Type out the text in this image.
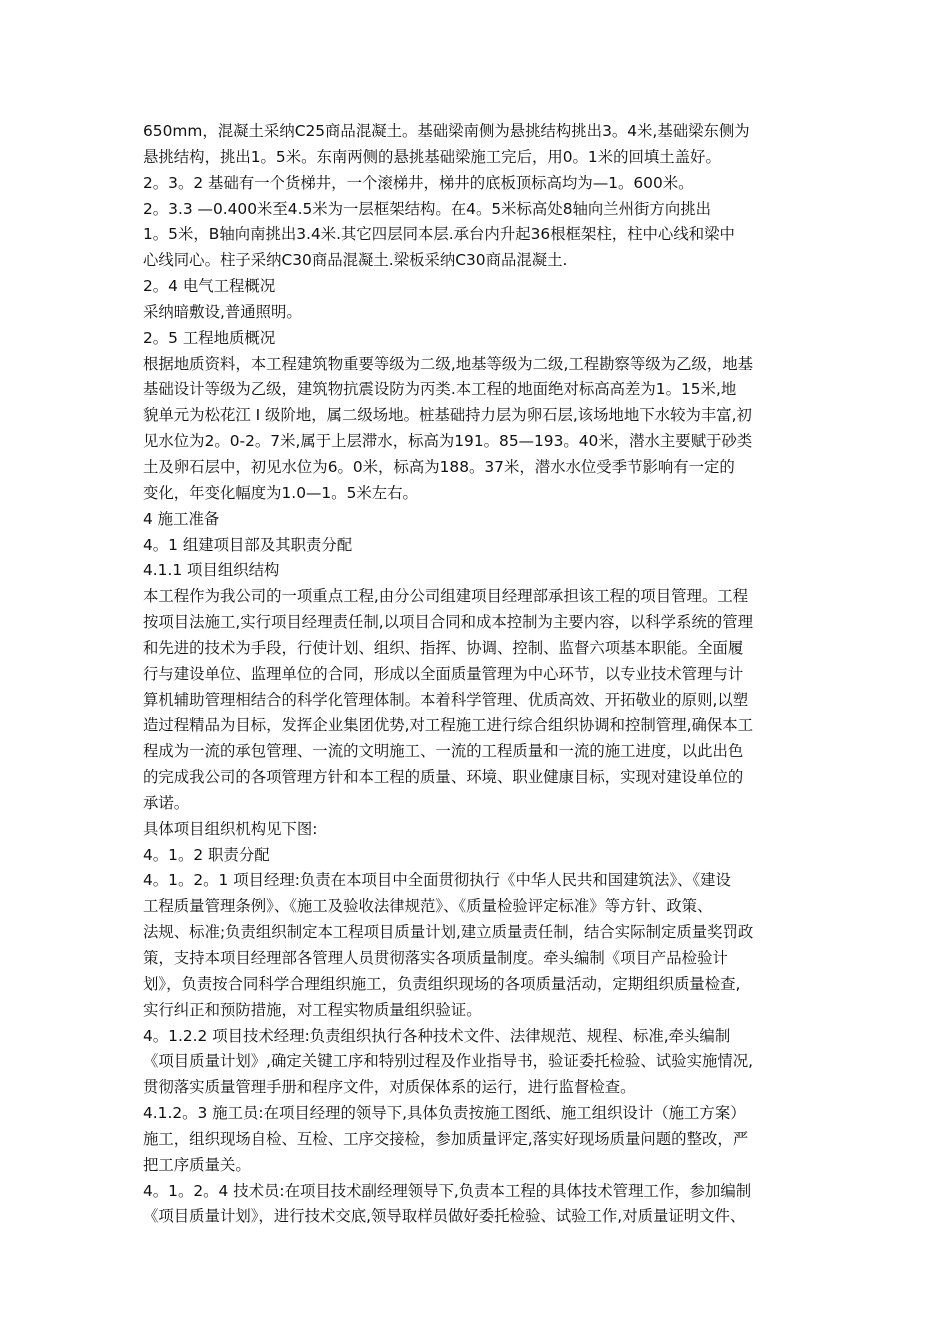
650mm，混凝土采纳C25商品混凝土。基础梁南侧为悬挑结构挑出3。4米,基础梁东侧为
悬挑结构，挑出1。5米。东南两侧的悬挑基础梁施工完后，用0。1米的回填土盖好。
2。3。2 基础有一个货梯井，一个滚梯井，梯井的底板顶标高均为—1。600米。
2。3.3 —0.400米至4.5米为一层框架结构。在4。5米标高处8轴向兰州街方向挑出
1。5米，B轴向南挑出3.4米.其它四层同本层.承台内升起36根框架柱，柱中心线和梁中
心线同心。柱子采纳C30商品混凝土.梁板采纳C30商品混凝土.
2。4 电气工程概况
采纳暗敷设,普通照明。
2。5 工程地质概况
根据地质资料，本工程建筑物重要等级为二级,地基等级为二级,工程勘察等级为乙级，地基
基础设计等级为乙级，建筑物抗震设防为丙类.本工程的地面绝对标高高差为1。15米,地
貌单元为松花江 I 级阶地，属二级场地。桩基础持力层为卵石层,该场地地下水较为丰富,初
见水位为2。0-2。7米,属于上层滞水，标高为191。85—193。40米，潜水主要赋于砂类
土及卵石层中，初见水位为6。0米，标高为188。37米，潜水水位受季节影响有一定的
变化，年变化幅度为1.0—1。5米左右。
4 施工准备
4。1 组建项目部及其职责分配
4.1.1 项目组织结构
本工程作为我公司的一项重点工程,由分公司组建项目经理部承担该工程的项目管理。工程
按项目法施工,实行项目经理责任制,以项目合同和成本控制为主要内容，以科学系统的管理
和先进的技术为手段，行使计划、组织、指挥、协调、控制、监督六项基本职能。全面履
行与建设单位、监理单位的合同，形成以全面质量管理为中心环节，以专业技术管理与计
算机辅助管理相结合的科学化管理体制。本着科学管理、优质高效、开拓敬业的原则,以塑
造过程精品为目标，发挥企业集团优势,对工程施工进行综合组织协调和控制管理,确保本工
程成为一流的承包管理、一流的文明施工、一流的工程质量和一流的施工进度，以此出色
的完成我公司的各项管理方针和本工程的质量、环境、职业健康目标，实现对建设单位的
承诺。
具体项目组织机构见下图:
4。1。2 职责分配
4。1。2。1 项目经理:负责在本项目中全面贯彻执行《中华人民共和国建筑法》、《建设
工程质量管理条例》、《施工及验收法律规范》、《质量检验评定标准》等方针、政策、
法规、标准;负责组织制定本工程项目质量计划,建立质量责任制，结合实际制定质量奖罚政
策，支持本项目经理部各管理人员贯彻落实各项质量制度。牵头编制《项目产品检验计
划》，负责按合同科学合理组织施工，负责组织现场的各项质量活动，定期组织质量检查,
实行纠正和预防措施，对工程实物质量组织验证。
4。1.2.2 项目技术经理:负责组织执行各种技术文件、法律规范、规程、标准,牵头编制
《项目质量计划》,确定关键工序和特别过程及作业指导书，验证委托检验、试验实施情况,
贯彻落实质量管理手册和程序文件，对质保体系的运行，进行监督检查。
4.1.2。3 施工员:在项目经理的领导下,具体负责按施工图纸、施工组织设计（施工方案）
施工，组织现场自检、互检、工序交接检，参加质量评定,落实好现场质量问题的整改，严
把工序质量关。
4。1。2。4 技术员:在项目技术副经理领导下,负责本工程的具体技术管理工作，参加编制
《项目质量计划》，进行技术交底,领导取样员做好委托检验、试验工作,对质量证明文件、
